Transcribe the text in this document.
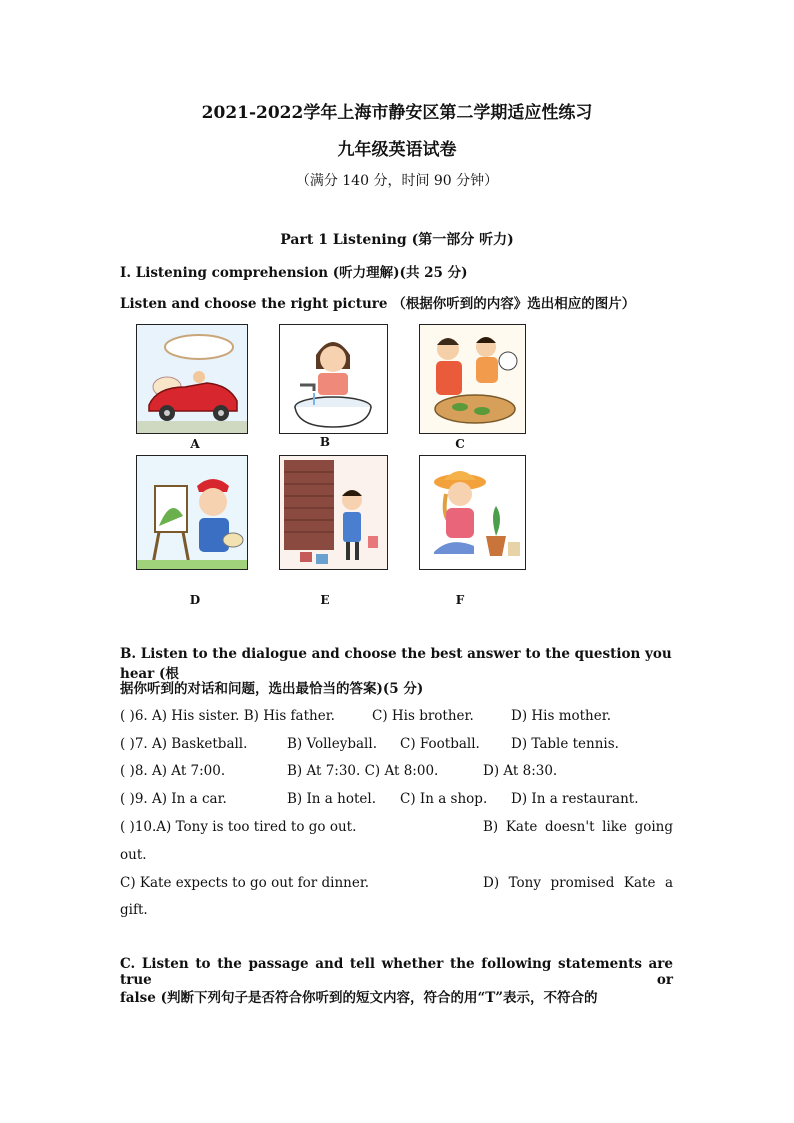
2021-2022学年上海市静安区第二学期适应性练习
九年级英语试卷
（满分 140 分，时间 90 分钟）
Part 1 Listening (第一部分 听力)
I. Listening comprehension (听力理解)(共 25 分)
Listen and choose the right picture （根据你听到的内容》选出相应的图片）
A	B	C
D	E	F
B. Listen to the dialogue and choose the best answer to the question you hear (根
据你听到的对话和问题，选出最恰当的答案)(5 分)
( )6. A) His sister. B) His father.	C) His brother.	D) His mother.
( )7. A) Basketball.	B) Volleyball. C) Football. D) Table tennis.
( )8. A) At 7:00.	B) At 7:30. C) At 8:00.	D) At 8:30.
( )9. A) In a car.	B) In a hotel. C) In a shop. D) In a restaurant.
( )10.A) Tony is too tired to go out.	B) Kate doesn't like going
out.
C) Kate expects to go out for dinner.	D) Tony promised Kate a
gift.
C. Listen to the passage and tell whether the following statements are true or
false (判断下列句子是否符合你听到的短文内容，符合的用“T”表示，不符合的
